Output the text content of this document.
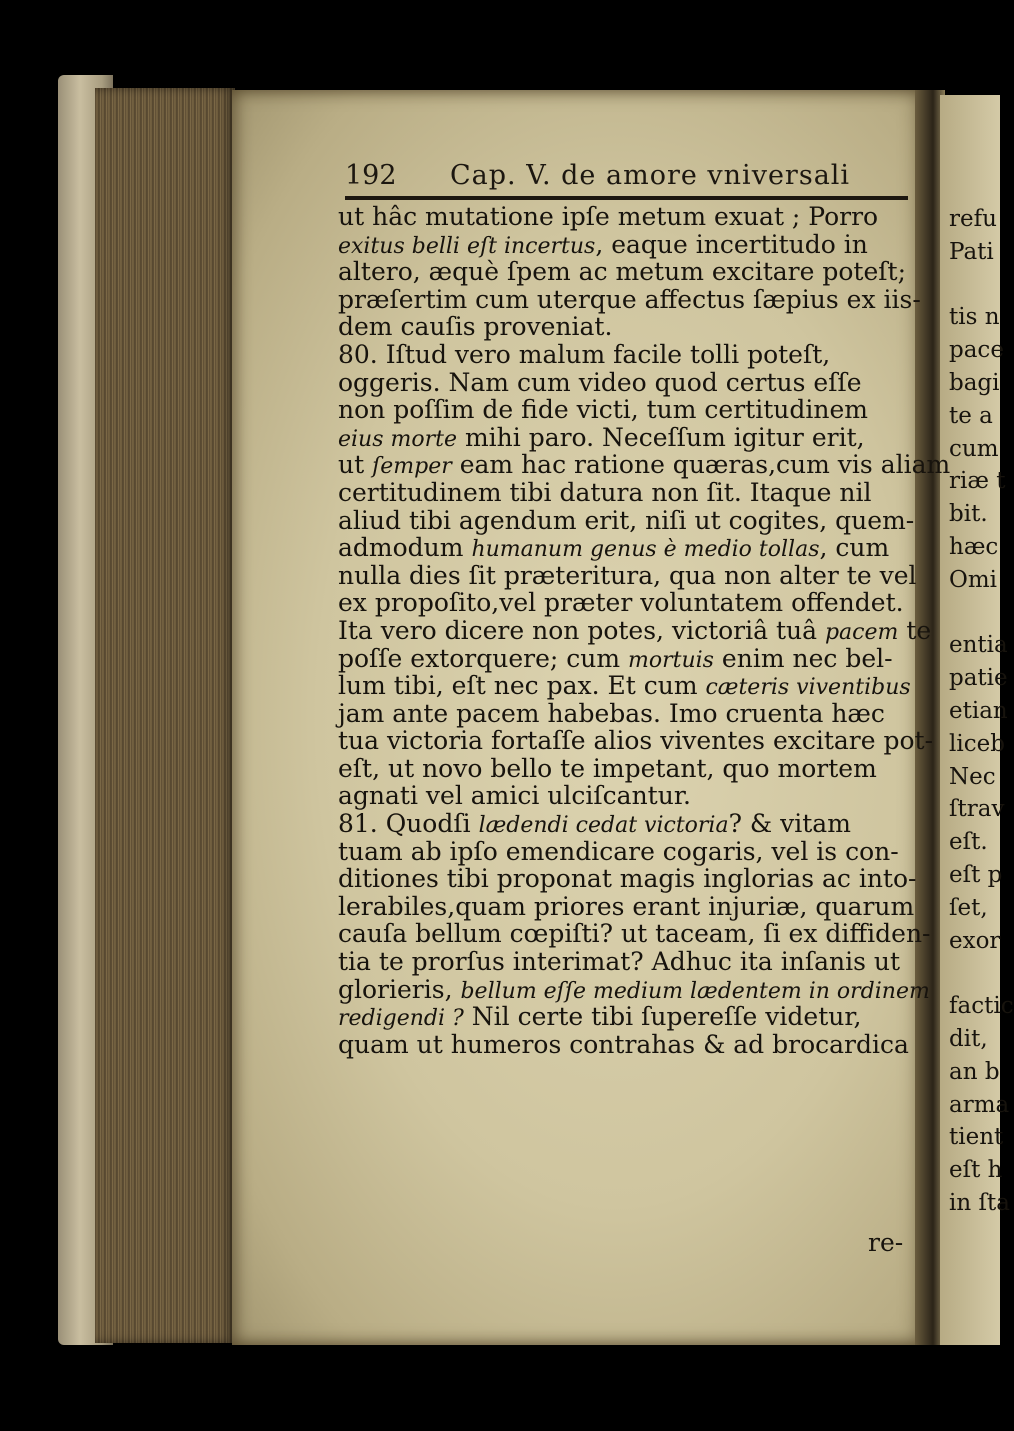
192 Cap. V. de amore vniversali
ut hâc mutatione ipſe metum exuat ; Porro
exitus belli eſt incertus, eaque incertitudo in
altero, æquè ſpem ac metum excitare poteſt;
præſertim cum uterque affectus ſæpius ex iis-
dem cauſis proveniat.
80. Iſtud vero malum facile tolli poteſt,
oggeris. Nam cum video quod certus eſſe
non poſſim de fide victi, tum certitudinem
eius morte mihi paro. Neceſſum igitur erit,
ut ſemper eam hac ratione quæras,cum vis aliam
certitudinem tibi datura non ſit. Itaque nil
aliud tibi agendum erit, niſi ut cogites, quem-
admodum humanum genus è medio tollas, cum
nulla dies ſit præteritura, qua non alter te vel
ex propoſito,vel præter voluntatem offendet.
Ita vero dicere non potes, victoriâ tuâ pacem te
poſſe extorquere; cum mortuis enim nec bel-
lum tibi, eſt nec pax. Et cum cæteris viventibus
jam ante pacem habebas. Imo cruenta hæc
tua victoria fortaſſe alios viventes excitare pot-
eſt, ut novo bello te impetant, quo mortem
agnati vel amici ulciſcantur.
81. Quodſi lædendi cedat victoria? & vitam
tuam ab ipſo emendicare cogaris, vel is con-
ditiones tibi proponat magis inglorias ac into-
lerabiles,quam priores erant injuriæ, quarum
cauſa bellum cœpiſti? ut taceam, ſi ex diffiden-
tia te prorſus interimat? Adhuc ita inſanis ut
glorieris, bellum eſſe medium lædentem in ordinem
redigendi ? Nil certe tibi ſupereſſe videtur,
quam ut humeros contrahas & ad brocardica
re-
refu
Pati
tis n
pace
bagi
te a
cum
riæ t
bit.
hæc
Omi
entia
patie
etian
liceb
Nec
ſtrav
eſt.
eſt p
ſet,
exor
factic
dit,
an b
arma
tient
eſt h
in ſta
